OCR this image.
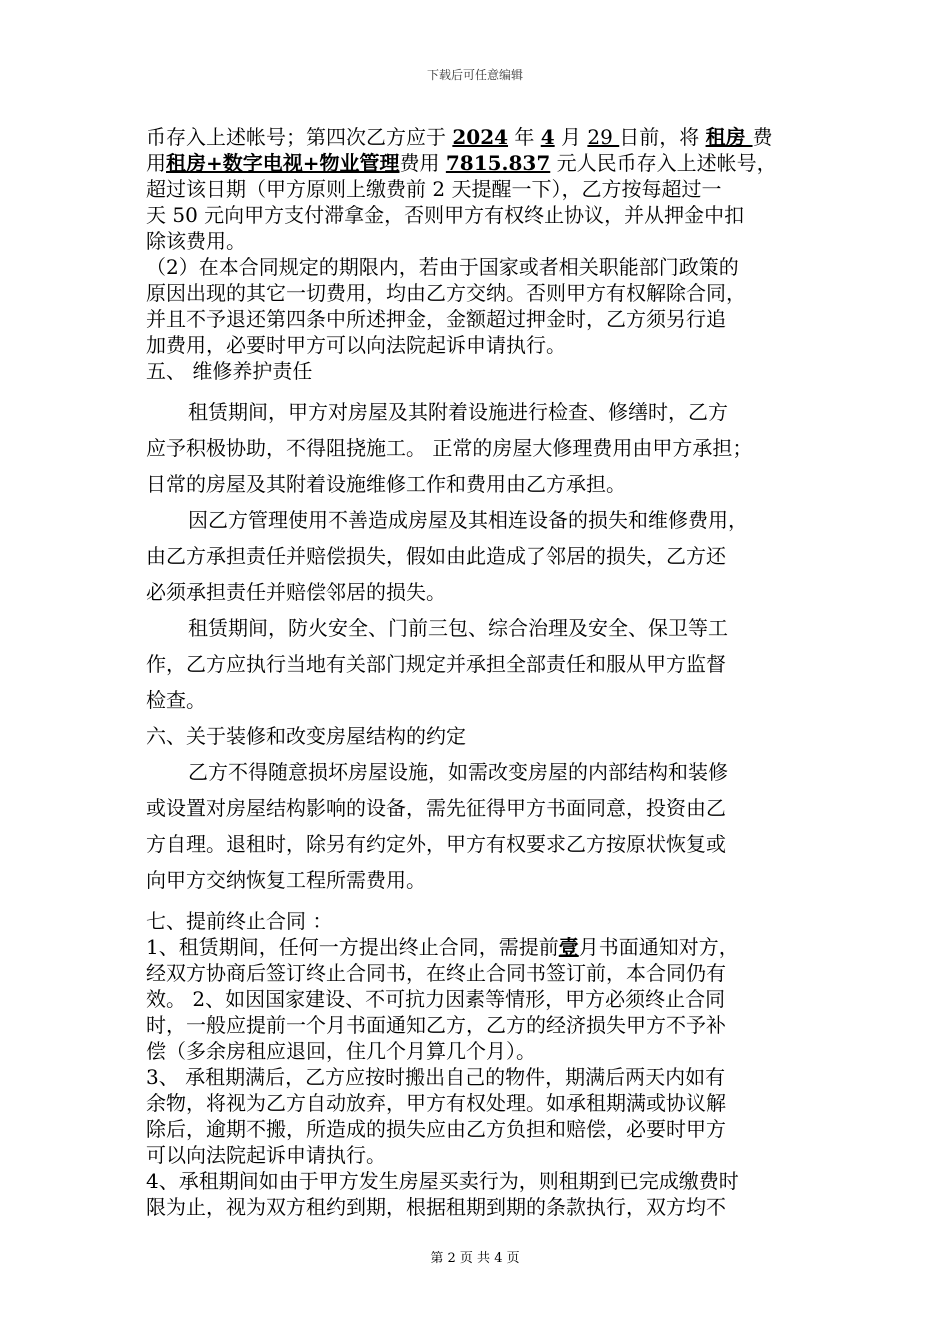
下载后可任意编辑
币存入上述帐号；第四次乙方应于 2024 年 4 月 29 日前，将 租房 费
用租房+数字电视+物业管理费用 7815.837 元人民币存入上述帐号，
超过该日期（甲方原则上缴费前 2 天提醒一下），乙方按每超过一
天 50 元向甲方支付滞拿金，否则甲方有权终止协议，并从押金中扣
除该费用。
（2）在本合同规定的期限内，若由于国家或者相关职能部门政策的
原因出现的其它一切费用，均由乙方交纳。否则甲方有权解除合同，
并且不予退还第四条中所述押金，金额超过押金时，乙方须另行追
加费用，必要时甲方可以向法院起诉申请执行。
五、 维修养护责任
租赁期间，甲方对房屋及其附着设施进行检查、修缮时，乙方
应予积极协助，不得阻挠施工。 正常的房屋大修理费用由甲方承担；
日常的房屋及其附着设施维修工作和费用由乙方承担。
因乙方管理使用不善造成房屋及其相连设备的损失和维修费用，
由乙方承担责任并赔偿损失，假如由此造成了邻居的损失，乙方还
必须承担责任并赔偿邻居的损失。
租赁期间，防火安全、门前三包、综合治理及安全、保卫等工
作，乙方应执行当地有关部门规定并承担全部责任和服从甲方监督
检查。
六、关于装修和改变房屋结构的约定
乙方不得随意损坏房屋设施，如需改变房屋的内部结构和装修
或设置对房屋结构影响的设备，需先征得甲方书面同意，投资由乙
方自理。退租时，除另有约定外，甲方有权要求乙方按原状恢复或
向甲方交纳恢复工程所需费用。
七、提前终止合同 ：
1、租赁期间，任何一方提出终止合同，需提前壹月书面通知对方，
经双方协商后签订终止合同书，在终止合同书签订前，本合同仍有
效。 2、如因国家建设、不可抗力因素等情形，甲方必须终止合同
时，一般应提前一个月书面通知乙方，乙方的经济损失甲方不予补
偿（多余房租应退回，住几个月算几个月）。
3、 承租期满后，乙方应按时搬出自己的物件，期满后两天内如有
余物，将视为乙方自动放弃，甲方有权处理。如承租期满或协议解
除后，逾期不搬，所造成的损失应由乙方负担和赔偿，必要时甲方
可以向法院起诉申请执行。
4、承租期间如由于甲方发生房屋买卖行为，则租期到已完成缴费时
限为止，视为双方租约到期，根据租期到期的条款执行，双方均不
第 2 页 共 4 页
